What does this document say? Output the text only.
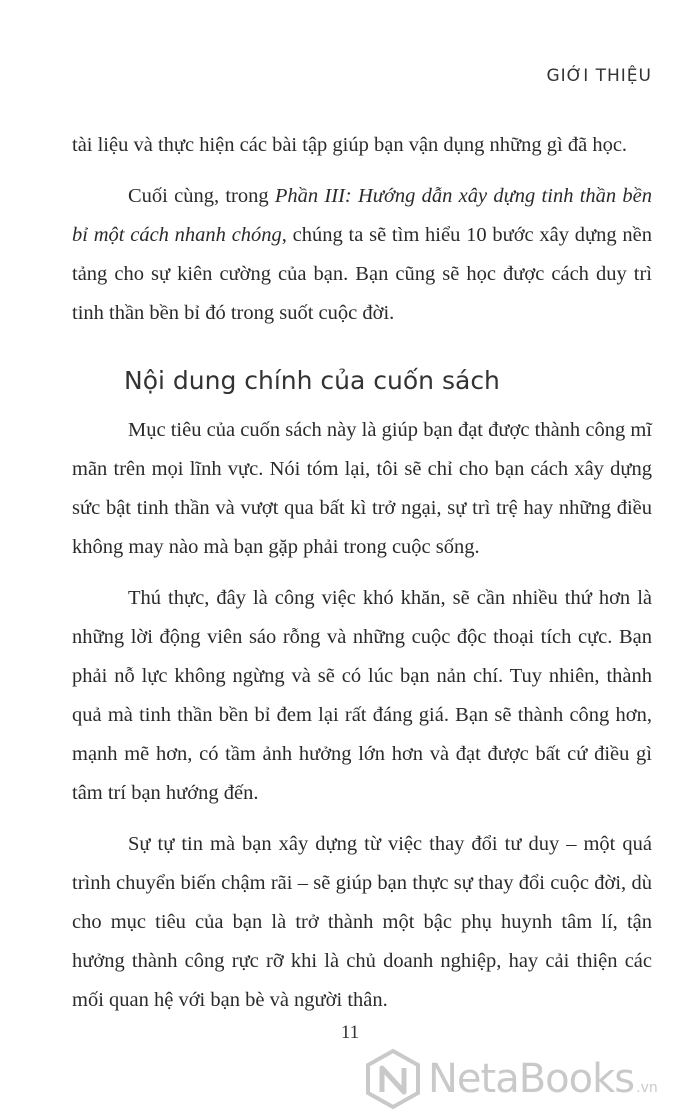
GIỚI THIỆU

tài liệu và thực hiện các bài tập giúp bạn vận dụng những gì đã học.

Cuối cùng, trong Phần III: Hướng dẫn xây dựng tinh thần bền bỉ một cách nhanh chóng, chúng ta sẽ tìm hiểu 10 bước xây dựng nền tảng cho sự kiên cường của bạn. Bạn cũng sẽ học được cách duy trì tinh thần bền bỉ đó trong suốt cuộc đời.

Nội dung chính của cuốn sách

Mục tiêu của cuốn sách này là giúp bạn đạt được thành công mĩ mãn trên mọi lĩnh vực. Nói tóm lại, tôi sẽ chỉ cho bạn cách xây dựng sức bật tinh thần và vượt qua bất kì trở ngại, sự trì trệ hay những điều không may nào mà bạn gặp phải trong cuộc sống.

Thú thực, đây là công việc khó khăn, sẽ cần nhiều thứ hơn là những lời động viên sáo rỗng và những cuộc độc thoại tích cực. Bạn phải nỗ lực không ngừng và sẽ có lúc bạn nản chí. Tuy nhiên, thành quả mà tinh thần bền bỉ đem lại rất đáng giá. Bạn sẽ thành công hơn, mạnh mẽ hơn, có tầm ảnh hưởng lớn hơn và đạt được bất cứ điều gì tâm trí bạn hướng đến.

Sự tự tin mà bạn xây dựng từ việc thay đổi tư duy – một quá trình chuyển biến chậm rãi – sẽ giúp bạn thực sự thay đổi cuộc đời, dù cho mục tiêu của bạn là trở thành một bậc phụ huynh tâm lí, tận hưởng thành công rực rỡ khi là chủ doanh nghiệp, hay cải thiện các mối quan hệ với bạn bè và người thân.

11
NetaBooks .vn
